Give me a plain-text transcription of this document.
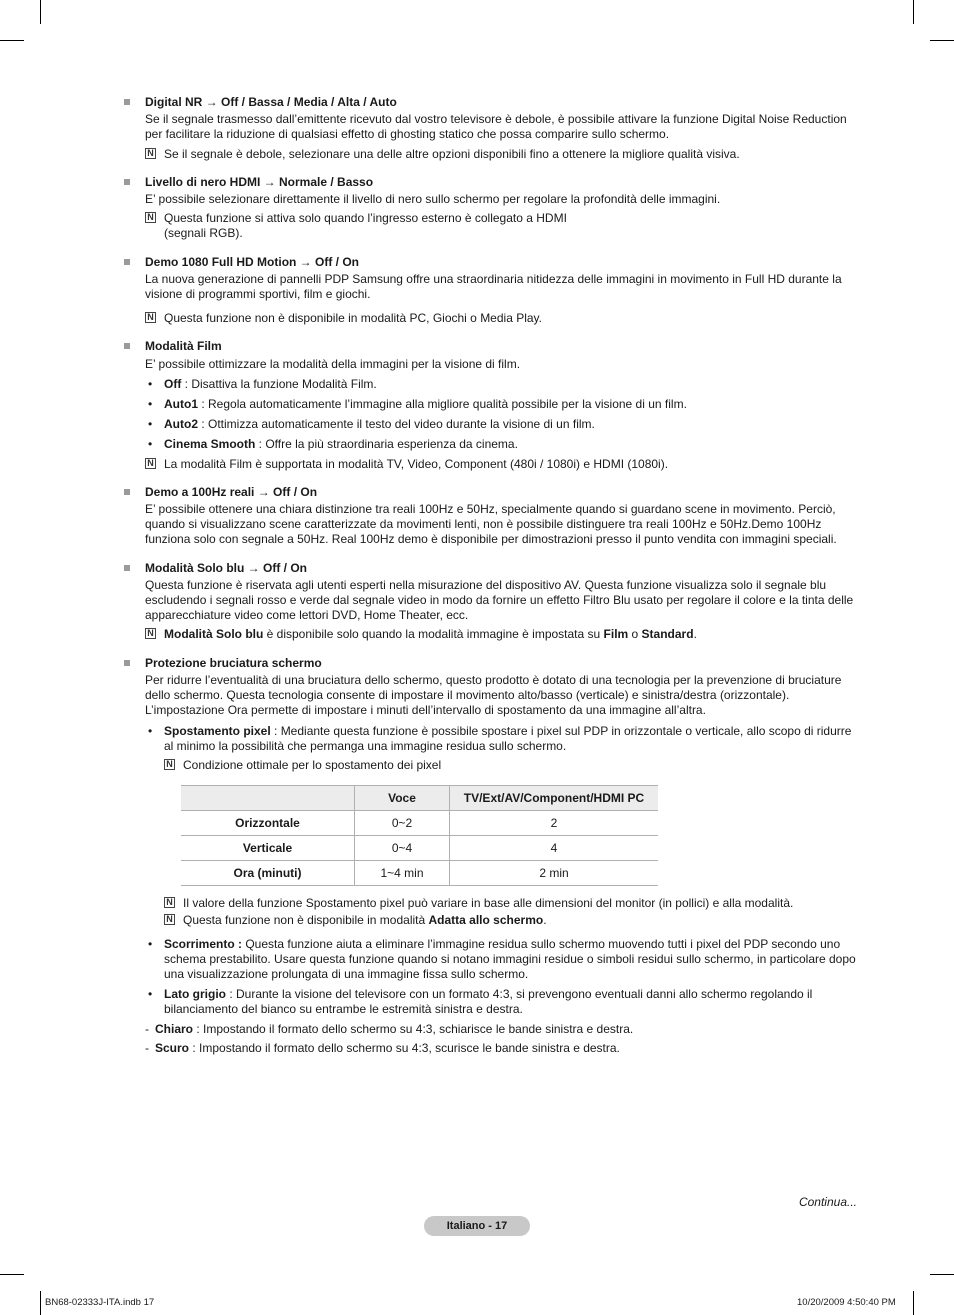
Digital NR → Off / Bassa / Media / Alta / Auto
Se il segnale trasmesso dall’emittente ricevuto dal vostro televisore è debole, è possibile attivare la funzione Digital Noise Reduction per facilitare la riduzione di qualsiasi effetto di ghosting statico che possa comparire sullo schermo.
N Se il segnale è debole, selezionare una delle altre opzioni disponibili fino a ottenere la migliore qualità visiva.
Livello di nero HDMI → Normale / Basso
E’ possibile selezionare direttamente il livello di nero sullo schermo per regolare la profondità delle immagini.
N Questa funzione si attiva solo quando l’ingresso esterno è collegato a HDMI (segnali RGB).
Demo 1080 Full HD Motion → Off / On
La nuova generazione di pannelli PDP Samsung offre una straordinaria nitidezza delle immagini in movimento in Full HD durante la visione di programmi sportivi, film e giochi.
N Questa funzione non è disponibile in modalità PC, Giochi o Media Play.
Modalità Film
E’ possibile ottimizzare la modalità della immagini per la visione di film.
• Off : Disattiva la funzione Modalità Film.
• Auto1 : Regola automaticamente l’immagine alla migliore qualità possibile per la visione di un film.
• Auto2 : Ottimizza automaticamente il testo del video durante la visione di un film.
• Cinema Smooth : Offre la più straordinaria esperienza da cinema.
N La modalità Film è supportata in modalità TV, Video, Component (480i / 1080i) e HDMI (1080i).
Demo a 100Hz reali → Off / On
E’ possibile ottenere una chiara distinzione tra reali 100Hz e 50Hz, specialmente quando si guardano scene in movimento. Perciò, quando si visualizzano scene caratterizzate da movimenti lenti, non è possibile distinguere tra reali 100Hz e 50Hz.Demo 100Hz funziona solo con segnale a 50Hz. Real 100Hz demo è disponibile per dimostrazioni presso il punto vendita con immagini speciali.
Modalità Solo blu → Off / On
Questa funzione è riservata agli utenti esperti nella misurazione del dispositivo AV. Questa funzione visualizza solo il segnale blu escludendo i segnali rosso e verde dal segnale video in modo da fornire un effetto Filtro Blu usato per regolare il colore e la tinta delle apparecchiature video come lettori DVD, Home Theater, ecc.
N Modalità Solo blu è disponibile solo quando la modalità immagine è impostata su Film o Standard.
Protezione bruciatura schermo
Per ridurre l’eventualità di una bruciatura dello schermo, questo prodotto è dotato di una tecnologia per la prevenzione di bruciature dello schermo. Questa tecnologia consente di impostare il movimento alto/basso (verticale) e sinistra/destra (orizzontale).
L’impostazione Ora permette di impostare i minuti dell’intervallo di spostamento da una immagine all’altra.
• Spostamento pixel : Mediante questa funzione è possibile spostare i pixel sul PDP in orizzontale o verticale, allo scopo di ridurre al minimo la possibilità che permanga una immagine residua sullo schermo.
N Condizione ottimale per lo spostamento dei pixel
	Voce	TV/Ext/AV/Component/HDMI PC
Orizzontale	0~2	2
Verticale	0~4	4
Ora (minuti)	1~4 min	2 min
N Il valore della funzione Spostamento pixel può variare in base alle dimensioni del monitor (in pollici) e alla modalità.
N Questa funzione non è disponibile in modalità Adatta allo schermo.
• Scorrimento : Questa funzione aiuta a eliminare l’immagine residua sullo schermo muovendo tutti i pixel del PDP secondo uno schema prestabilito. Usare questa funzione quando si notano immagini residue o simboli residui sullo schermo, in particolare dopo una visualizzazione prolungata di una immagine fissa sullo schermo.
• Lato grigio : Durante la visione del televisore con un formato 4:3, si prevengono eventuali danni allo schermo regolando il bilanciamento del bianco su entrambe le estremità sinistra e destra.
- Chiaro : Impostando il formato dello schermo su 4:3, schiarisce le bande sinistra e destra.
- Scuro : Impostando il formato dello schermo su 4:3, scurisce le bande sinistra e destra.
Continua...
Italiano - 17
BN68-02333J-ITA.indb 17	10/20/2009 4:50:40 PM
